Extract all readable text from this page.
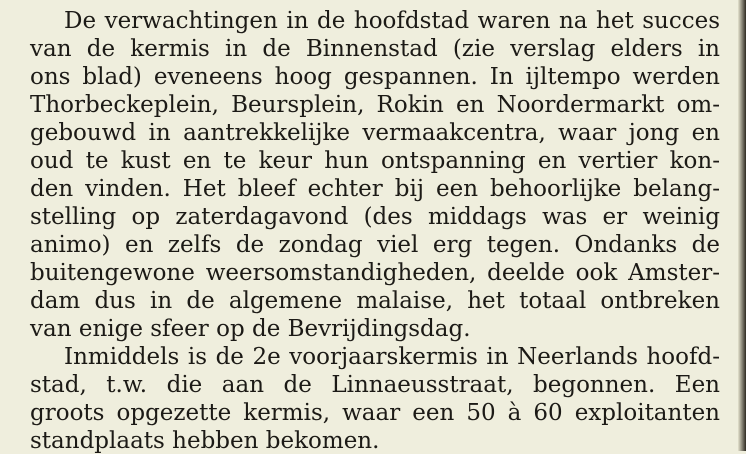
De verwachtingen in de hoofdstad waren na het succes
van de kermis in de Binnenstad (zie verslag elders in
ons blad) eveneens hoog gespannen. In ijltempo werden
Thorbeckeplein, Beursplein, Rokin en Noordermarkt om-
gebouwd in aantrekkelijke vermaakcentra, waar jong en
oud te kust en te keur hun ontspanning en vertier kon-
den vinden. Het bleef echter bij een behoorlijke belang-
stelling op zaterdagavond (des middags was er weinig
animo) en zelfs de zondag viel erg tegen. Ondanks de
buitengewone weersomstandigheden, deelde ook Amster-
dam dus in de algemene malaise, het totaal ontbreken
van enige sfeer op de Bevrijdingsdag.
Inmiddels is de 2e voorjaarskermis in Neerlands hoofd-
stad, t.w. die aan de Linnaeusstraat, begonnen. Een
groots opgezette kermis, waar een 50 à 60 exploitanten
standplaats hebben bekomen.
